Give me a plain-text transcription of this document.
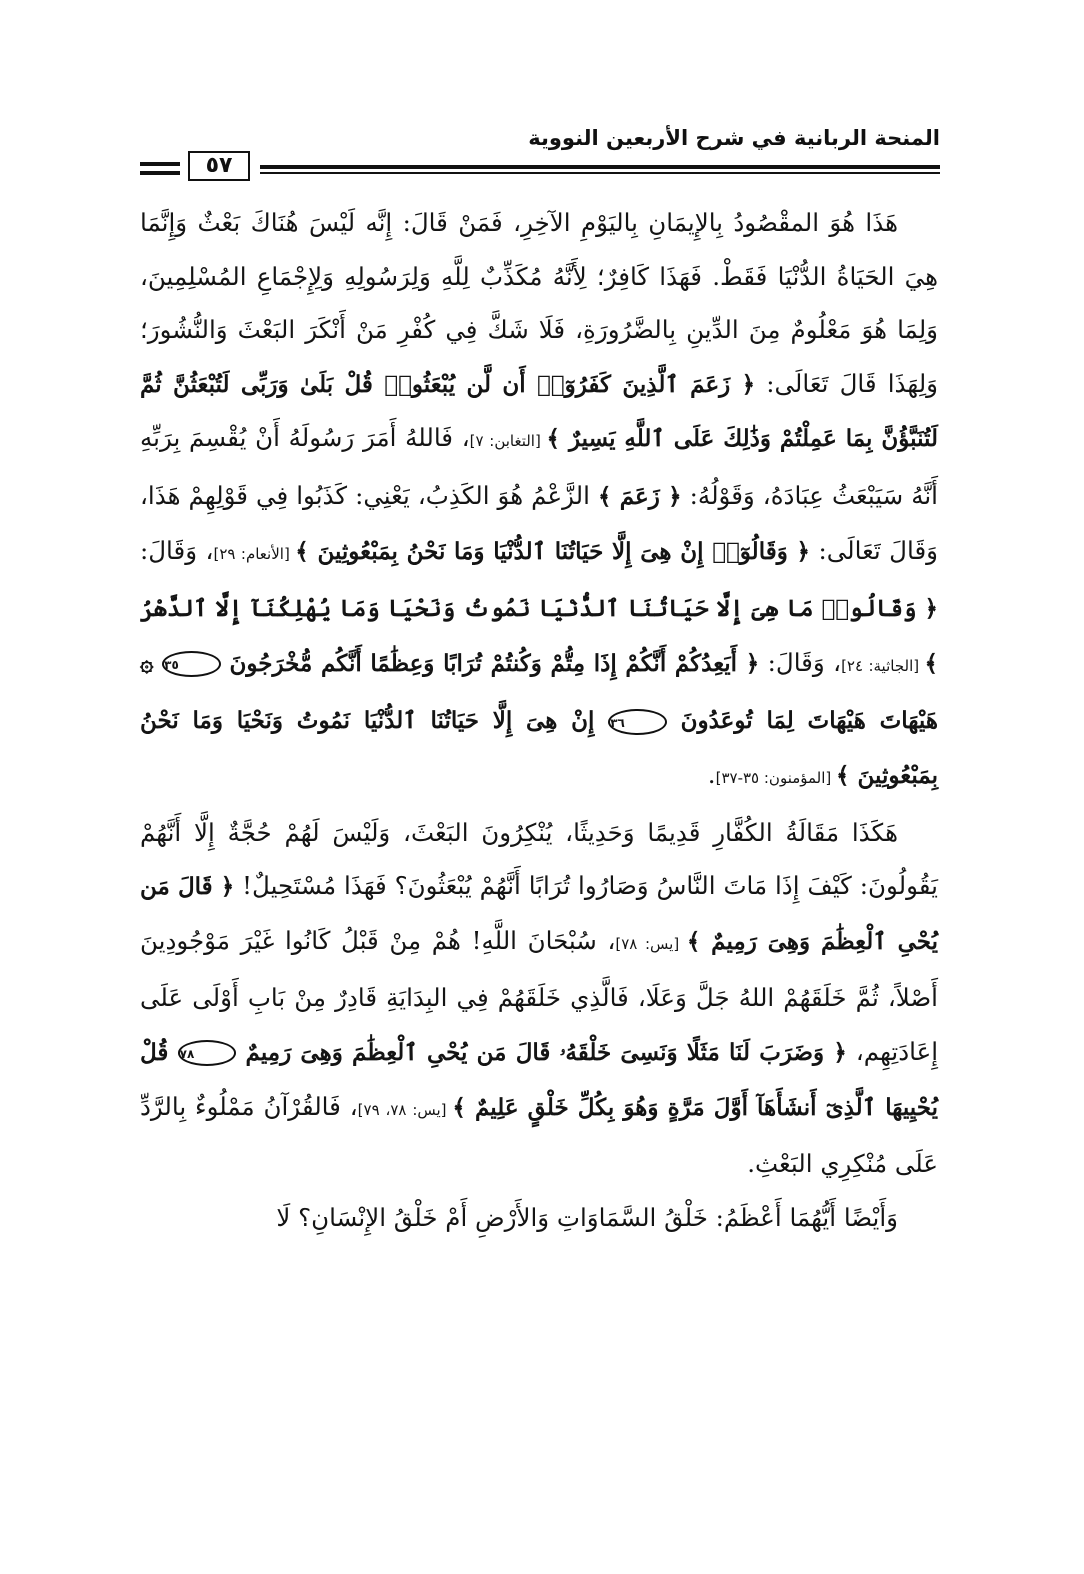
المنحة الربانية في شرح الأربعين النووية
٥٧

هَذَا هُوَ المقْصُودُ بِالإِيمَانِ بِاليَوْمِ الآخِرِ، فَمَنْ قَالَ: إِنَّه لَيْسَ هُنَاكَ بَعْثٌ وَإِنَّمَا هِيَ الحَيَاةُ الدُّنْيَا فَقَطْ. فَهَذَا كَافِرٌ؛ لِأَنَّهُ مُكَذِّبٌ لِلَّهِ وَلِرَسُولِهِ وَلِإِجْمَاعِ المُسْلِمِينَ، وَلِمَا هُوَ مَعْلُومٌ مِنَ الدِّينِ بِالضَّرُورَةِ، فَلَا شَكَّ فِي كُفْرِ مَنْ أَنْكَرَ البَعْثَ وَالنُّشُورَ؛ وَلِهَذَا قَالَ تَعَالَى: ﴿ زَعَمَ ٱلَّذِينَ كَفَرُوٓا۟ أَن لَّن يُبْعَثُوا۟ قُلْ بَلَىٰ وَرَبِّى لَتُبْعَثُنَّ ثُمَّ لَتُنَبَّؤُنَّ بِمَا عَمِلْتُمْ وَذَٰلِكَ عَلَى ٱللَّهِ يَسِيرٌ ﴾ [التغابن: ٧]، فَاللهُ أَمَرَ رَسُولَهُ أَنْ يُقْسِمَ بِرَبِّهِ أَنَّهُ سَيَبْعَثُ عِبَادَهُ، وَقَوْلُهُ: ﴿ زَعَمَ ﴾ الزَّعْمُ هُوَ الكَذِبُ، يَعْنِي: كَذَبُوا فِي قَوْلِهِمْ هَذَا، وَقَالَ تَعَالَى: ﴿ وَقَالُوٓا۟ إِنْ هِىَ إِلَّا حَيَاتُنَا ٱلدُّنْيَا وَمَا نَحْنُ بِمَبْعُوثِينَ ﴾ [الأنعام: ٢٩]، وَقَالَ: ﴿ وَقَالُوا۟ مَا هِىَ إِلَّا حَيَاتُنَا ٱلدُّنْيَا نَمُوتُ وَنَحْيَا وَمَا يُهْلِكُنَآ إِلَّا ٱلدَّهْرُ ﴾ [الجاثية: ٢٤]، وَقَالَ: ﴿ أَيَعِدُكُمْ أَنَّكُمْ إِذَا مِتُّمْ وَكُنتُمْ تُرَابًا وَعِظَٰمًا أَنَّكُم مُّخْرَجُونَ ٣٥ ۞ هَيْهَاتَ هَيْهَاتَ لِمَا تُوعَدُونَ ٣٦ إِنْ هِىَ إِلَّا حَيَاتُنَا ٱلدُّنْيَا نَمُوتُ وَنَحْيَا وَمَا نَحْنُ بِمَبْعُوثِينَ ﴾ [المؤمنون: ٣٥-٣٧].

هَكَذَا مَقَالَةُ الكُفَّارِ قَدِيمًا وَحَدِيثًا، يُنْكِرُونَ البَعْثَ، وَلَيْسَ لَهُمْ حُجَّةٌ إِلَّا أَنَّهُمْ يَقُولُونَ: كَيْفَ إِذَا مَاتَ النَّاسُ وَصَارُوا تُرَابًا أَنَّهُمْ يُبْعَثُونَ؟ فَهَذَا مُسْتَحِيلٌ! ﴿ قَالَ مَن يُحْىِ ٱلْعِظَٰمَ وَهِىَ رَمِيمٌ ﴾ [يس: ٧٨]، سُبْحَانَ اللَّهِ! هُمْ مِنْ قَبْلُ كَانُوا غَيْرَ مَوْجُودِينَ أَصْلاً، ثُمَّ خَلَقَهُمْ اللهُ جَلَّ وَعَلَا، فَالَّذِي خَلَقَهُمْ فِي البِدَايَةِ قَادِرٌ مِنْ بَابِ أَوْلَى عَلَى إِعَادَتِهِم، ﴿ وَضَرَبَ لَنَا مَثَلًا وَنَسِىَ خَلْقَهُۥ قَالَ مَن يُحْىِ ٱلْعِظَٰمَ وَهِىَ رَمِيمٌ ٧٨ قُلْ يُحْيِيهَا ٱلَّذِىٓ أَنشَأَهَآ أَوَّلَ مَرَّةٍ وَهُوَ بِكُلِّ خَلْقٍ عَلِيمٌ ﴾ [يس: ٧٨، ٧٩]، فَالقُرْآنُ مَمْلُوءٌ بِالرَّدِّ عَلَى مُنْكِرِي البَعْثِ.

وَأَيْضًا أَيُّهُمَا أَعْظَمُ: خَلْقُ السَّمَاوَاتِ وَالأَرْضِ أَمْ خَلْقُ الإِنْسَانِ؟ لَا
